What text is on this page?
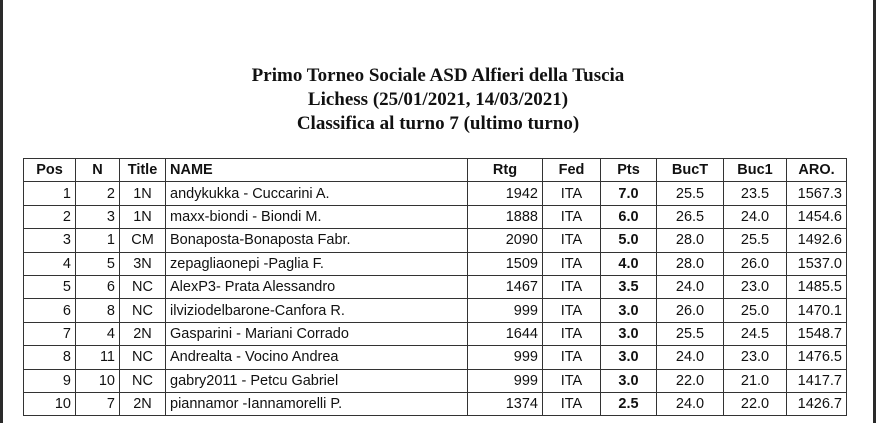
Primo Torneo Sociale ASD Alfieri della Tuscia
Lichess (25/01/2021, 14/03/2021)
Classifica al turno 7 (ultimo turno)
Pos	N	Title	NAME	Rtg	Fed	Pts	BucT	Buc1	ARO.
1	2	1N	andykukka - Cuccarini A.	1942	ITA	7.0	25.5	23.5	1567.3
2	3	1N	maxx-biondi - Biondi M.	1888	ITA	6.0	26.5	24.0	1454.6
3	1	CM	Bonaposta-Bonaposta Fabr.	2090	ITA	5.0	28.0	25.5	1492.6
4	5	3N	zepagliaonepi -Paglia F.	1509	ITA	4.0	28.0	26.0	1537.0
5	6	NC	AlexP3- Prata Alessandro	1467	ITA	3.5	24.0	23.0	1485.5
6	8	NC	ilviziodelbarone-Canfora R.	999	ITA	3.0	26.0	25.0	1470.1
7	4	2N	Gasparini - Mariani Corrado	1644	ITA	3.0	25.5	24.5	1548.7
8	11	NC	Andrealta - Vocino Andrea	999	ITA	3.0	24.0	23.0	1476.5
9	10	NC	gabry2011 - Petcu Gabriel	999	ITA	3.0	22.0	21.0	1417.7
10	7	2N	piannamor -Iannamorelli P.	1374	ITA	2.5	24.0	22.0	1426.7
